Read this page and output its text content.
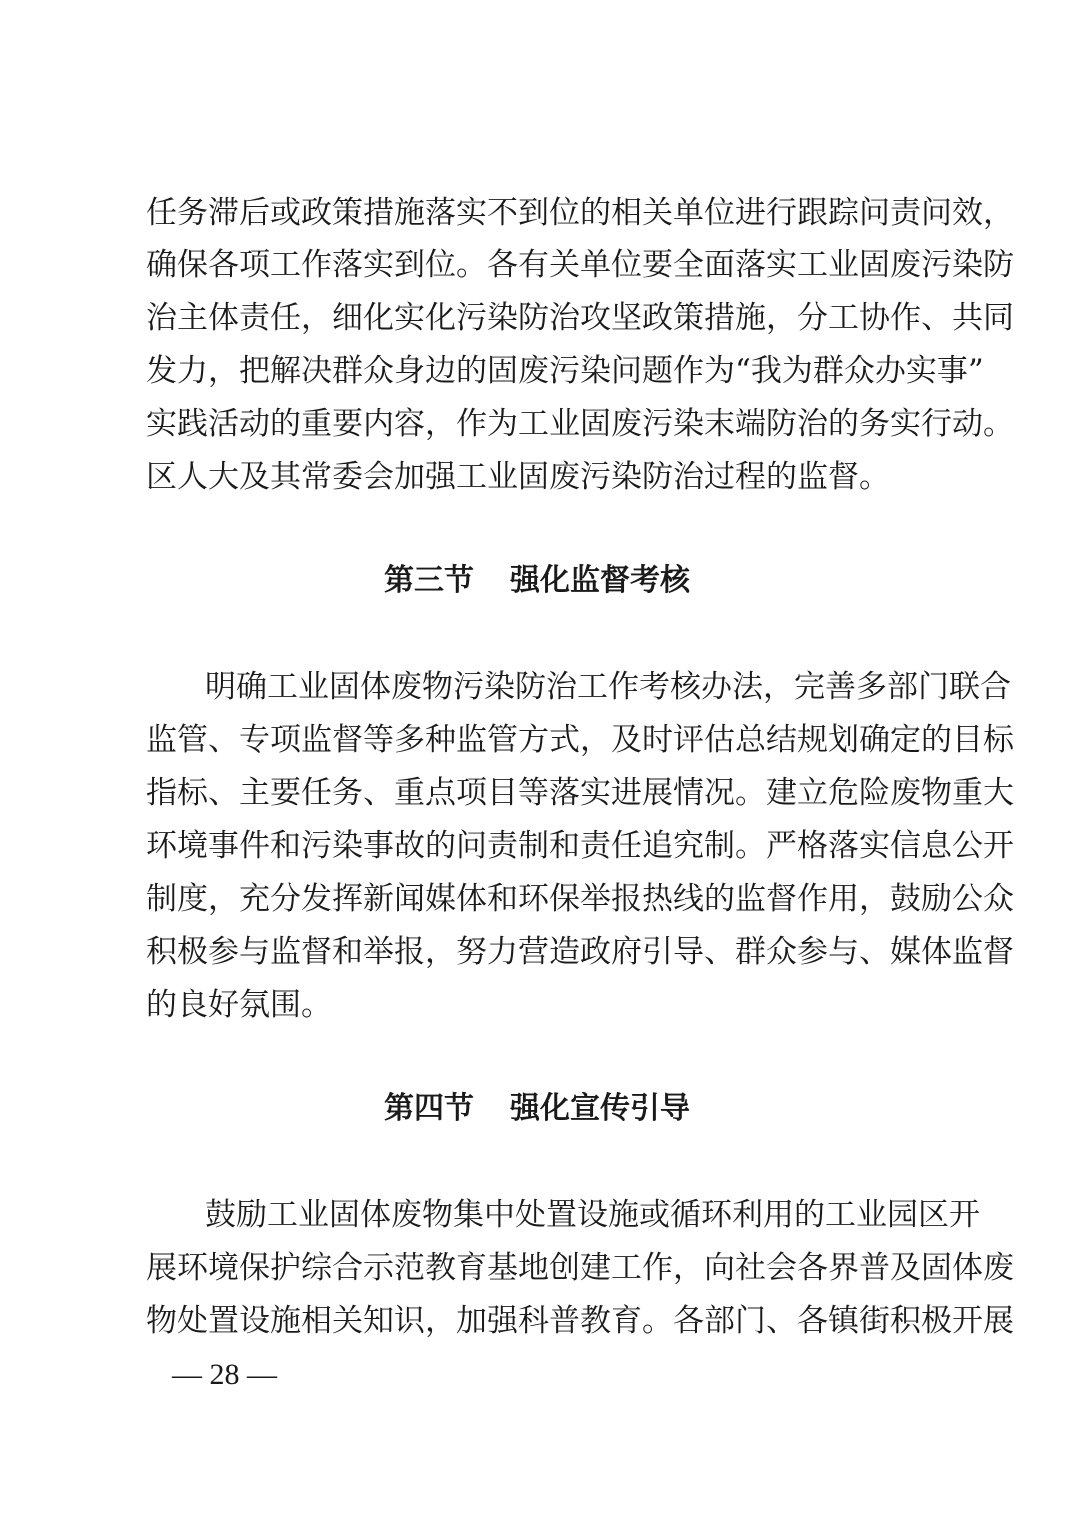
任务滞后或政策措施落实不到位的相关单位进行跟踪问责问效，
确保各项工作落实到位。各有关单位要全面落实工业固废污染防
治主体责任，细化实化污染防治攻坚政策措施，分工协作、共同
发力，把解决群众身边的固废污染问题作为“我为群众办实事”
实践活动的重要内容，作为工业固废污染末端防治的务实行动。
区人大及其常委会加强工业固废污染防治过程的监督。
第三节 强化监督考核
明确工业固体废物污染防治工作考核办法，完善多部门联合
监管、专项监督等多种监管方式，及时评估总结规划确定的目标
指标、主要任务、重点项目等落实进展情况。建立危险废物重大
环境事件和污染事故的问责制和责任追究制。严格落实信息公开
制度，充分发挥新闻媒体和环保举报热线的监督作用，鼓励公众
积极参与监督和举报，努力营造政府引导、群众参与、媒体监督
的良好氛围。
第四节 强化宣传引导
鼓励工业固体废物集中处置设施或循环利用的工业园区开
展环境保护综合示范教育基地创建工作，向社会各界普及固体废
物处置设施相关知识，加强科普教育。各部门、各镇街积极开展
— 28 —
